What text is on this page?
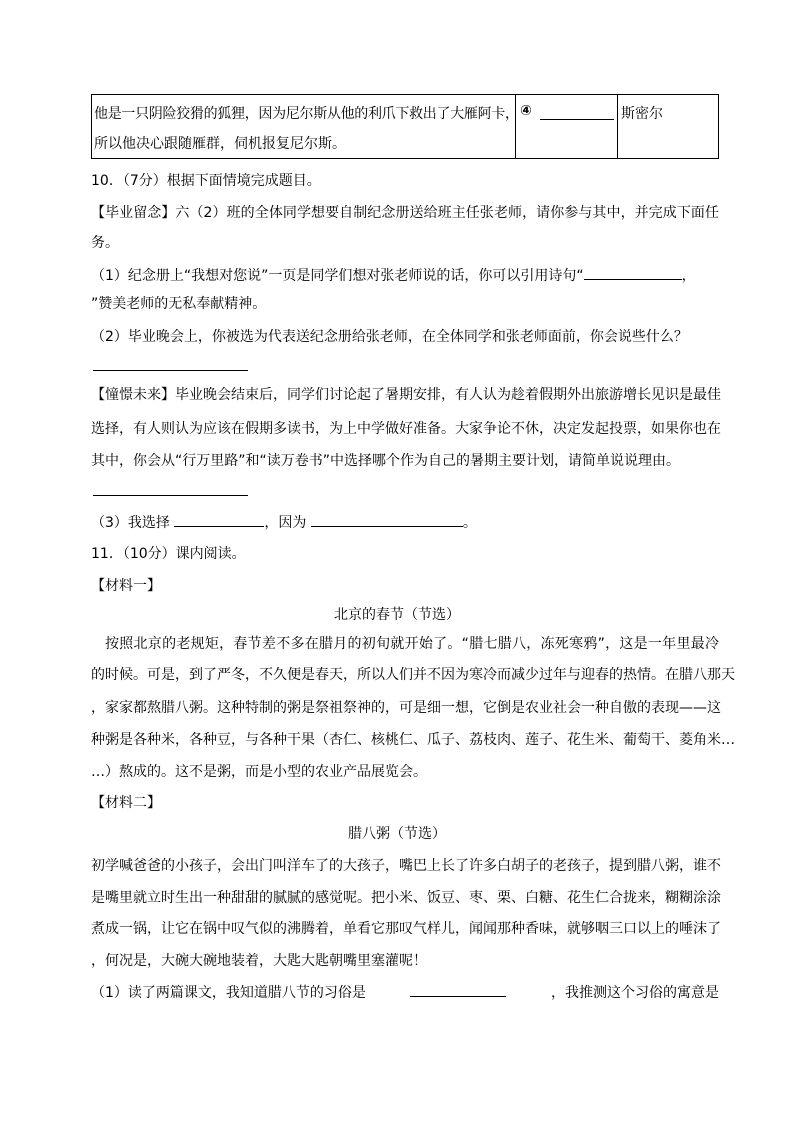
他是一只阴险狡猾的狐狸，因为尼尔斯从他的利爪下救出了大雁阿卡，
所以他决心跟随雁群，伺机报复尼尔斯。
④	斯密尔
10．（7分）根据下面情境完成题目。
【毕业留念】六（2）班的全体同学想要自制纪念册送给班主任张老师，请你参与其中，并完成下面任
务。
（1）纪念册上“我想对您说”一页是同学们想对张老师说的话，你可以引用诗句“	，
”赞美老师的无私奉献精神。
（2）毕业晚会上，你被选为代表送纪念册给张老师，在全体同学和张老师面前，你会说些什么？
【憧憬未来】毕业晚会结束后，同学们讨论起了暑期安排，有人认为趁着假期外出旅游增长见识是最佳
选择，有人则认为应该在假期多读书，为上中学做好准备。大家争论不休，决定发起投票，如果你也在
其中，你会从“行万里路”和“读万卷书”中选择哪个作为自己的暑期主要计划，请简单说说理由。
（3）我选择	，因为	。
11．（10分）课内阅读。
【材料一】
北京的春节（节选）
按照北京的老规矩，春节差不多在腊月的初旬就开始了。“腊七腊八，冻死寒鸦”，这是一年里最冷
的时候。可是，到了严冬，不久便是春天，所以人们并不因为寒冷而减少过年与迎春的热情。在腊八那天
，家家都熬腊八粥。这种特制的粥是祭祖祭神的，可是细一想，它倒是农业社会一种自傲的表现——这
种粥是各种米，各种豆，与各种干果（杏仁、核桃仁、瓜子、荔枝肉、莲子、花生米、葡萄干、菱角米…
…）熬成的。这不是粥，而是小型的农业产品展览会。
【材料二】
腊八粥（节选）
初学喊爸爸的小孩子，会出门叫洋车了的大孩子，嘴巴上长了许多白胡子的老孩子，提到腊八粥，谁不
是嘴里就立时生出一种甜甜的腻腻的感觉呢。把小米、饭豆、枣、栗、白糖、花生仁合拢来，糊糊涂涂
煮成一锅，让它在锅中叹气似的沸腾着，单看它那叹气样儿，闻闻那种香味，就够咽三口以上的唾沫了
，何况是，大碗大碗地装着，大匙大匙朝嘴里塞灌呢！
（1）读了两篇课文，我知道腊八节的习俗是	，我推测这个习俗的寓意是
